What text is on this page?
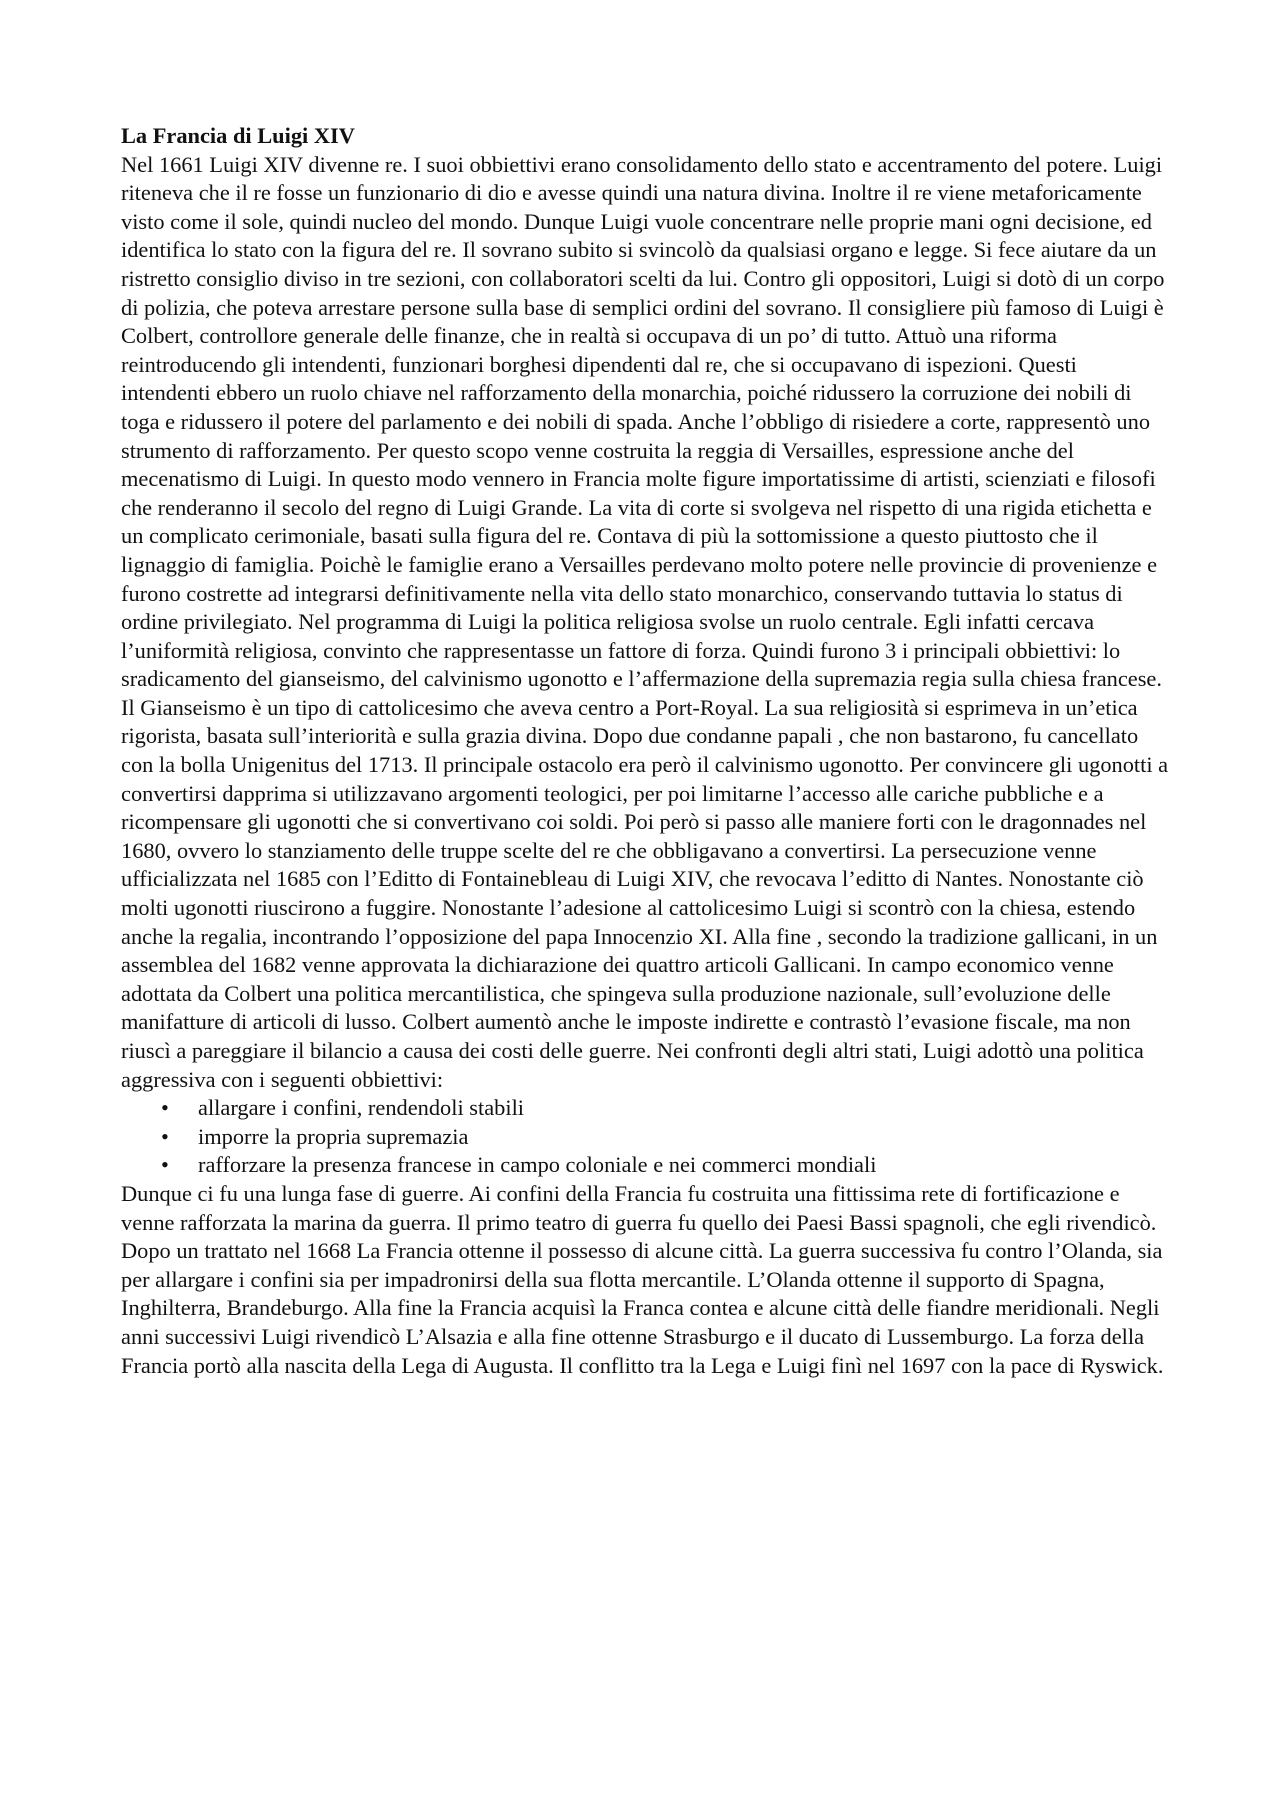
La Francia di Luigi XIV

Nel 1661 Luigi XIV divenne re. I suoi obbiettivi erano consolidamento dello stato e accentramento del potere. Luigi riteneva che il re fosse un funzionario di dio e avesse quindi una natura divina. Inoltre il re viene metaforicamente visto come il sole, quindi nucleo del mondo. Dunque Luigi vuole concentrare nelle proprie mani ogni decisione, ed identifica lo stato con la figura del re. Il sovrano subito si svincolò da qualsiasi organo e legge. Si fece aiutare da un ristretto consiglio diviso in tre sezioni, con collaboratori scelti da lui. Contro gli oppositori, Luigi si dotò di un corpo di polizia, che poteva arrestare persone sulla base di semplici ordini del sovrano. Il consigliere più famoso di Luigi è Colbert, controllore generale delle finanze, che in realtà si occupava di un po’ di tutto. Attuò una riforma reintroducendo gli intendenti, funzionari borghesi dipendenti dal re, che si occupavano di ispezioni. Questi intendenti ebbero un ruolo chiave nel rafforzamento della monarchia, poiché ridussero la corruzione dei nobili di toga e ridussero il potere del parlamento e dei nobili di spada. Anche l’obbligo di risiedere a corte, rappresentò uno strumento di rafforzamento. Per questo scopo venne costruita la reggia di Versailles, espressione anche del mecenatismo di Luigi. In questo modo vennero in Francia molte figure importatissime di artisti, scienziati e filosofi che renderanno il secolo del regno di Luigi Grande. La vita di corte si svolgeva nel rispetto di una rigida etichetta e un complicato cerimoniale, basati sulla figura del re. Contava di più la sottomissione a questo piuttosto che il lignaggio di famiglia. Poichè le famiglie erano a Versailles perdevano molto potere nelle provincie di provenienze e furono costrette ad integrarsi definitivamente nella vita dello stato monarchico, conservando tuttavia lo status di ordine privilegiato. Nel programma di Luigi la politica religiosa svolse un ruolo centrale. Egli infatti cercava l’uniformità religiosa, convinto che rappresentasse un fattore di forza. Quindi furono 3 i principali obbiettivi: lo sradicamento del gianseismo, del calvinismo ugonotto e l’affermazione della supremazia regia sulla chiesa francese. Il Gianseismo è un tipo di cattolicesimo che aveva centro a Port-Royal. La sua religiosità si esprimeva in un’etica rigorista, basata sull’interiorità e sulla grazia divina. Dopo due condanne papali , che non bastarono, fu cancellato con la bolla Unigenitus del 1713. Il principale ostacolo era però il calvinismo ugonotto. Per convincere gli ugonotti a convertirsi dapprima si utilizzavano argomenti teologici, per poi limitarne l’accesso alle cariche pubbliche e a ricompensare gli ugonotti che si convertivano coi soldi. Poi però si passo alle maniere forti con le dragonnades nel 1680, ovvero lo stanziamento delle truppe scelte del re che obbligavano a convertirsi. La persecuzione venne ufficializzata nel 1685 con l’Editto di Fontainebleau di Luigi XIV, che revocava l’editto di Nantes. Nonostante ciò molti ugonotti riuscirono a fuggire. Nonostante l’adesione al cattolicesimo Luigi si scontrò con la chiesa, estendo anche la regalia, incontrando l’opposizione del papa Innocenzio XI. Alla fine , secondo la tradizione gallicani, in un assemblea del 1682 venne approvata la dichiarazione dei quattro articoli Gallicani. In campo economico venne adottata da Colbert una politica mercantilistica, che spingeva sulla produzione nazionale, sull’evoluzione delle manifatture di articoli di lusso. Colbert aumentò anche le imposte indirette e contrastò l’evasione fiscale, ma non riuscì a pareggiare il bilancio a causa dei costi delle guerre. Nei confronti degli altri stati, Luigi adottò una politica aggressiva con i seguenti obbiettivi:

• allargare i confini, rendendoli stabili
• imporre la propria supremazia
• rafforzare la presenza francese in campo coloniale e nei commerci mondiali

Dunque ci fu una lunga fase di guerre. Ai confini della Francia fu costruita una fittissima rete di fortificazione e venne rafforzata la marina da guerra. Il primo teatro di guerra fu quello dei Paesi Bassi spagnoli, che egli rivendicò. Dopo un trattato nel 1668 La Francia ottenne il possesso di alcune città. La guerra successiva fu contro l’Olanda, sia per allargare i confini sia per impadronirsi della sua flotta mercantile. L’Olanda ottenne il supporto di Spagna, Inghilterra, Brandeburgo. Alla fine la Francia acquisì la Franca contea e alcune città delle fiandre meridionali. Negli anni successivi Luigi rivendicò L’Alsazia e alla fine ottenne Strasburgo e il ducato di Lussemburgo. La forza della Francia portò alla nascita della Lega di Augusta. Il conflitto tra la Lega e Luigi finì nel 1697 con la pace di Ryswick.
